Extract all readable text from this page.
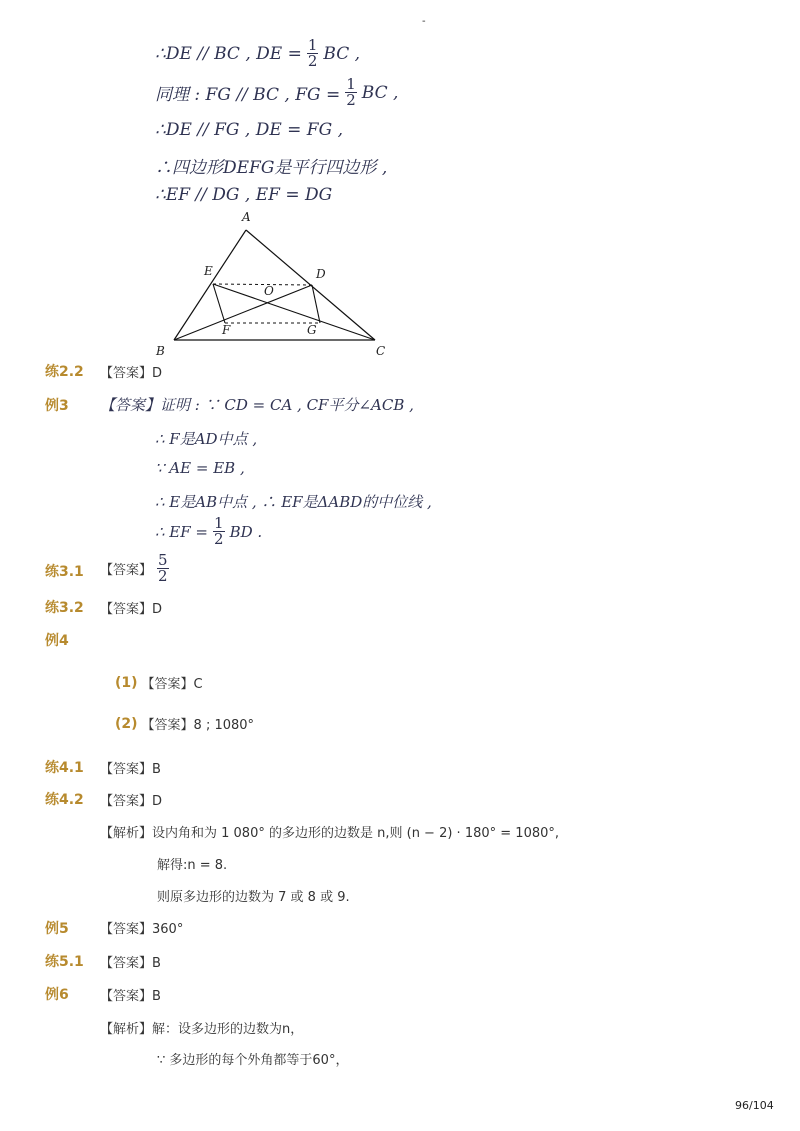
-
∴DE // BC , DE = $\frac{1}{2}$ BC ,
同理 : FG // BC , FG = $\frac{1}{2}$ BC ,
∴DE // FG , DE = FG ,
∴四边形DEFG是平行四边形 ,
∴EF // DG , EF = DG
A
B	C
D
E
F	G
O
练2.2 【答案】D
例3 【答案】证明 : ∵ CD = CA , CF平分∠ACB ,
∴ F是AD中点 ,
∵ AE = EB ,
∴ E是AB中点 , ∴ EF是ΔABD的中位线 ,
∴ EF = $\frac{1}{2}$ BD .
练3.1 【答案】 $\frac{5}{2}$
练3.2 【答案】D
例4
(1) 【答案】C
(2) 【答案】8 ; 1080°
练4.1 【答案】B
练4.2 【答案】D
【解析】设内角和为 1 080° 的多边形的边数是 n,则 (n − 2) · 180° = 1080°,
解得:n = 8.
则原多边形的边数为 7 或 8 或 9.
例5 【答案】360°
练5.1 【答案】B
例6 【答案】B
【解析】解：设多边形的边数为n，
∵ 多边形的每个外角都等于60°，
96/104
